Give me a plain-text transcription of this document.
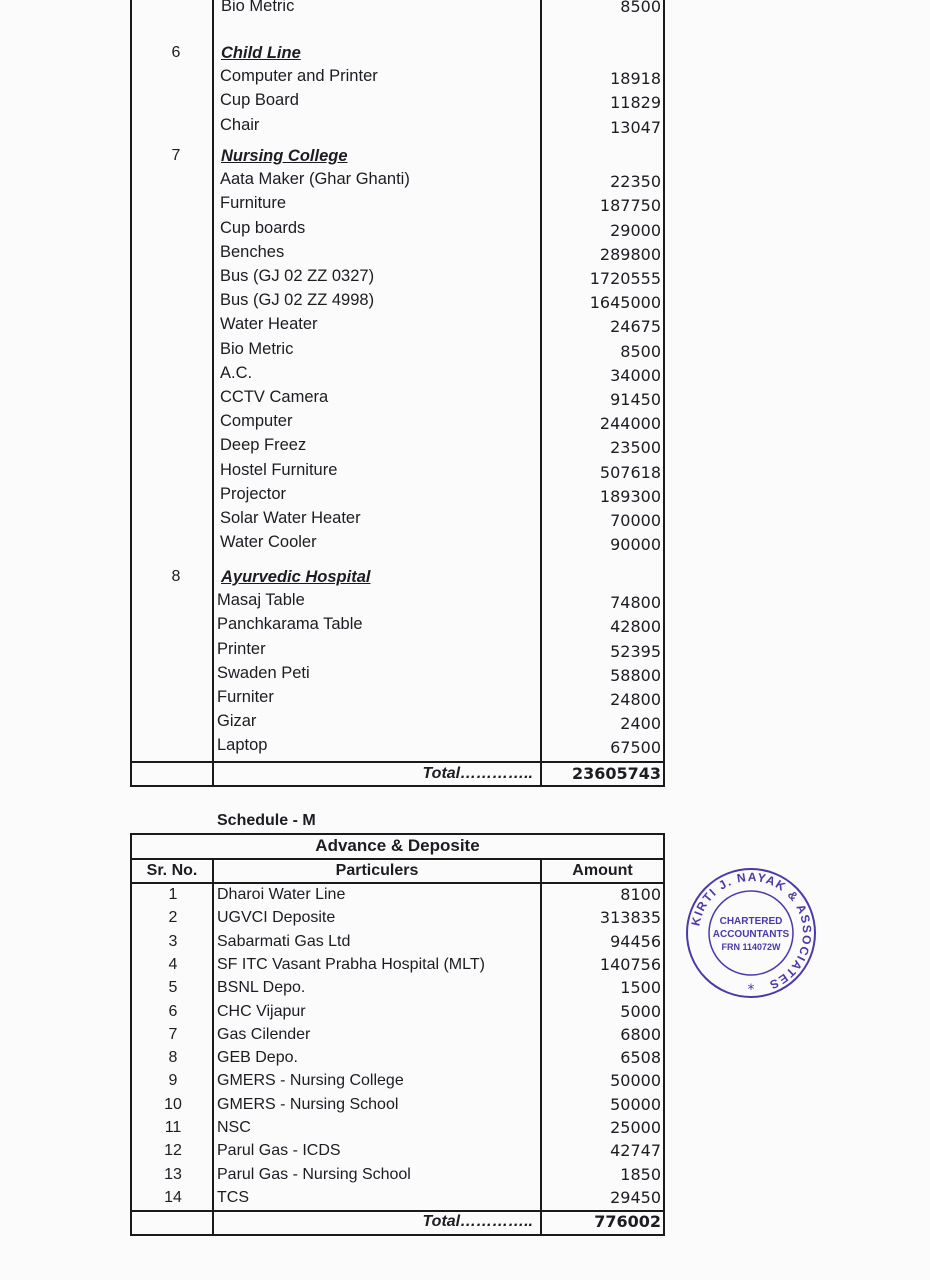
Bio Metric	8500
6	Child Line
Computer and Printer	18918
Cup Board	11829
Chair	13047
7	Nursing College
Aata Maker (Ghar Ghanti)	22350
Furniture	187750
Cup boards	29000
Benches	289800
Bus (GJ 02 ZZ 0327)	1720555
Bus (GJ 02 ZZ 4998)	1645000
Water Heater	24675
Bio Metric	8500
A.C.	34000
CCTV Camera	91450
Computer	244000
Deep Freez	23500
Hostel Furniture	507618
Projector	189300
Solar Water Heater	70000
Water Cooler	90000
8	Ayurvedic Hospital
Masaj Table	74800
Panchkarama Table	42800
Printer	52395
Swaden Peti	58800
Furniter	24800
Gizar	2400
Laptop	67500
Total…………..	23605743
Schedule - M
Advance & Deposite
Sr. No.	Particulers	Amount
1	Dharoi Water Line	8100
2	UGVCI Deposite	313835
3	Sabarmati Gas Ltd	94456
4	SF ITC Vasant Prabha Hospital (MLT)	140756
5	BSNL Depo.	1500
6	CHC Vijapur	5000
7	Gas Cilender	6800
8	GEB Depo.	6508
9	GMERS - Nursing College	50000
10	GMERS - Nursing School	50000
11	NSC	25000
12	Parul Gas - ICDS	42747
13	Parul Gas - Nursing School	1850
14	TCS	29450
Total…………..	776002
KIRTI J. NAYAK & ASSOCIATES
CHARTERED
ACCOUNTANTS
FRN 114072W
*
